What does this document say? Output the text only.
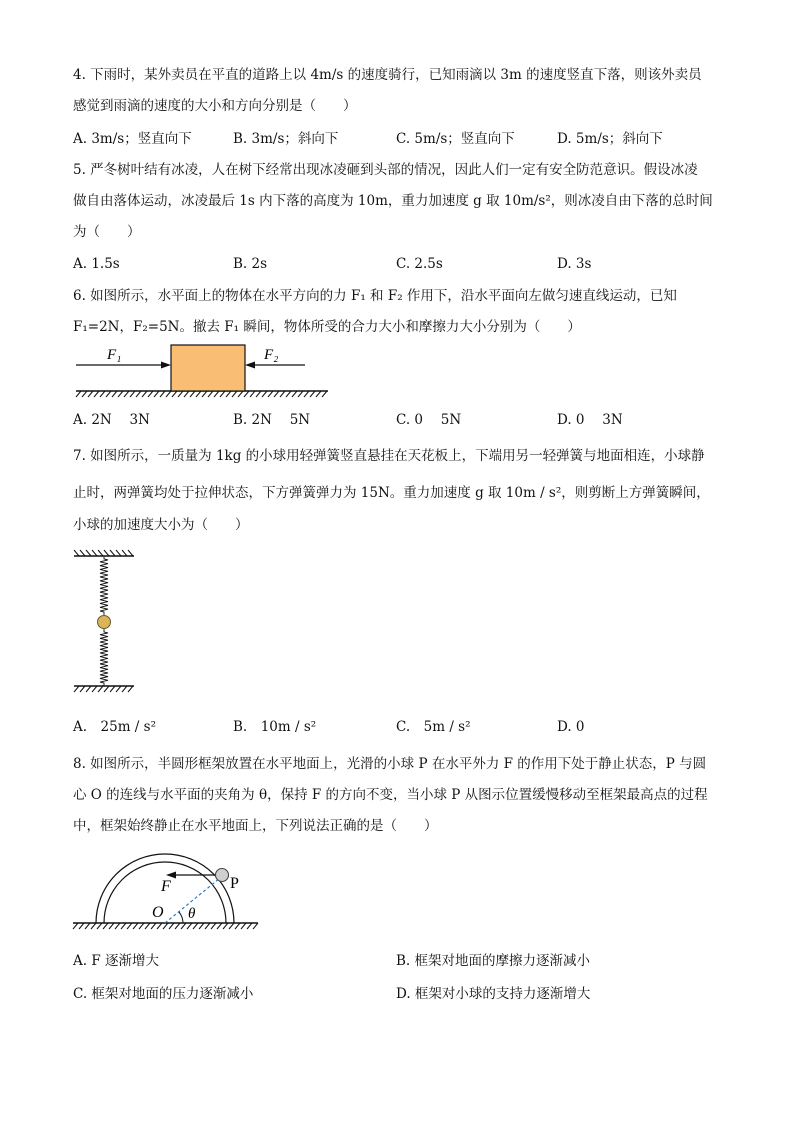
4. 下雨时，某外卖员在平直的道路上以 4m/s 的速度骑行，已知雨滴以 3m 的速度竖直下落，则该外卖员
感觉到雨滴的速度的大小和方向分别是（　　）
A. 3m/s；竖直向下	B. 3m/s；斜向下	C. 5m/s；竖直向下	D. 5m/s；斜向下
5. 严冬树叶结有冰凌，人在树下经常出现冰凌砸到头部的情况，因此人们一定有安全防范意识。假设冰凌
做自由落体运动，冰凌最后 1s 内下落的高度为 10m，重力加速度 g 取 10m/s²，则冰凌自由下落的总时间
为（　　）
A. 1.5s	B. 2s	C. 2.5s	D. 3s
6. 如图所示，水平面上的物体在水平方向的力 F₁ 和 F₂ 作用下，沿水平面向左做匀速直线运动，已知
F₁=2N，F₂=5N。撤去 F₁ 瞬间，物体所受的合力大小和摩擦力大小分别为（　　）
F₁	F₂
A. 2N　 3N	B. 2N　 5N	C. 0　 5N	D. 0　 3N
7. 如图所示，一质量为 1kg 的小球用轻弹簧竖直悬挂在天花板上，下端用另一轻弹簧与地面相连，小球静
止时，两弹簧均处于拉伸状态，下方弹簧弹力为 15N。重力加速度 g 取 10m / s²，则剪断上方弹簧瞬间，
小球的加速度大小为（　　）
A.　25m / s²	B.　10m / s²	C.　5m / s²	D. 0
8. 如图所示，半圆形框架放置在水平地面上，光滑的小球 P 在水平外力 F 的作用下处于静止状态，P 与圆
心 O 的连线与水平面的夹角为 θ，保持 F 的方向不变，当小球 P 从图示位置缓慢移动至框架最高点的过程
中，框架始终静止在水平地面上，下列说法正确的是（　　）
F	P
O θ
A. F 逐渐增大	B. 框架对地面的摩擦力逐渐减小
C. 框架对地面的压力逐渐减小	D. 框架对小球的支持力逐渐增大
